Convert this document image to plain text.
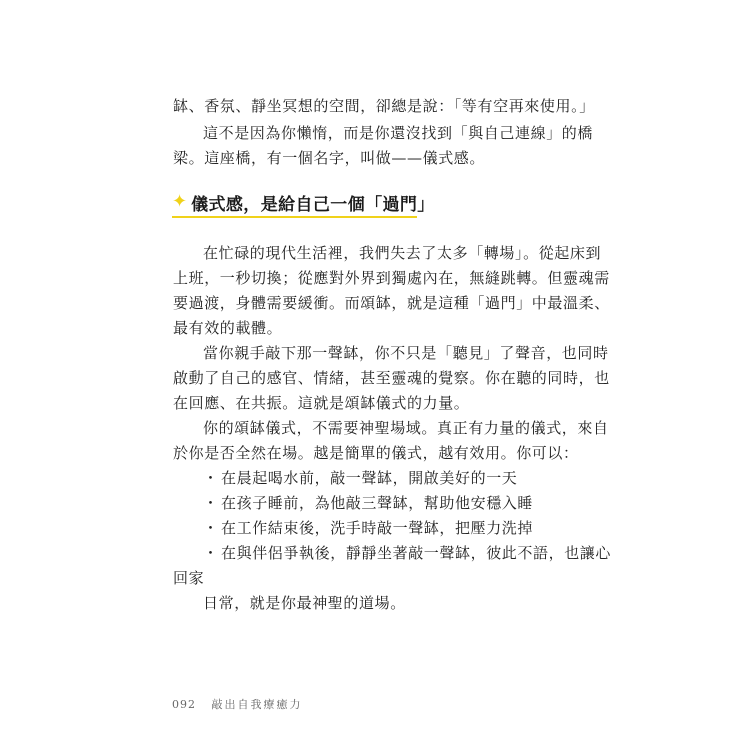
缽、香氛、靜坐冥想的空間，卻總是說：「等有空再來使用。」
這不是因為你懶惰，而是你還沒找到「與自己連線」的橋
梁。這座橋，有一個名字，叫做——儀式感。
✦ 儀式感，是給自己一個「過門」
在忙碌的現代生活裡，我們失去了太多「轉場」。從起床到
上班，一秒切換；從應對外界到獨處內在，無縫跳轉。但靈魂需
要過渡，身體需要緩衝。而頌缽，就是這種「過門」中最溫柔、
最有效的載體。
當你親手敲下那一聲缽，你不只是「聽見」了聲音，也同時
啟動了自己的感官、情緒，甚至靈魂的覺察。你在聽的同時，也
在回應、在共振。這就是頌缽儀式的力量。
你的頌缽儀式，不需要神聖場域。真正有力量的儀式，來自
於你是否全然在場。越是簡單的儀式，越有效用。你可以：
・ 在晨起喝水前，敲一聲缽，開啟美好的一天
・ 在孩子睡前，為他敲三聲缽，幫助他安穩入睡
・ 在工作結束後，洗手時敲一聲缽，把壓力洗掉
・ 在與伴侶爭執後，靜靜坐著敲一聲缽，彼此不語，也讓心
回家
日常，就是你最神聖的道場。
092 敲出自我療癒力
